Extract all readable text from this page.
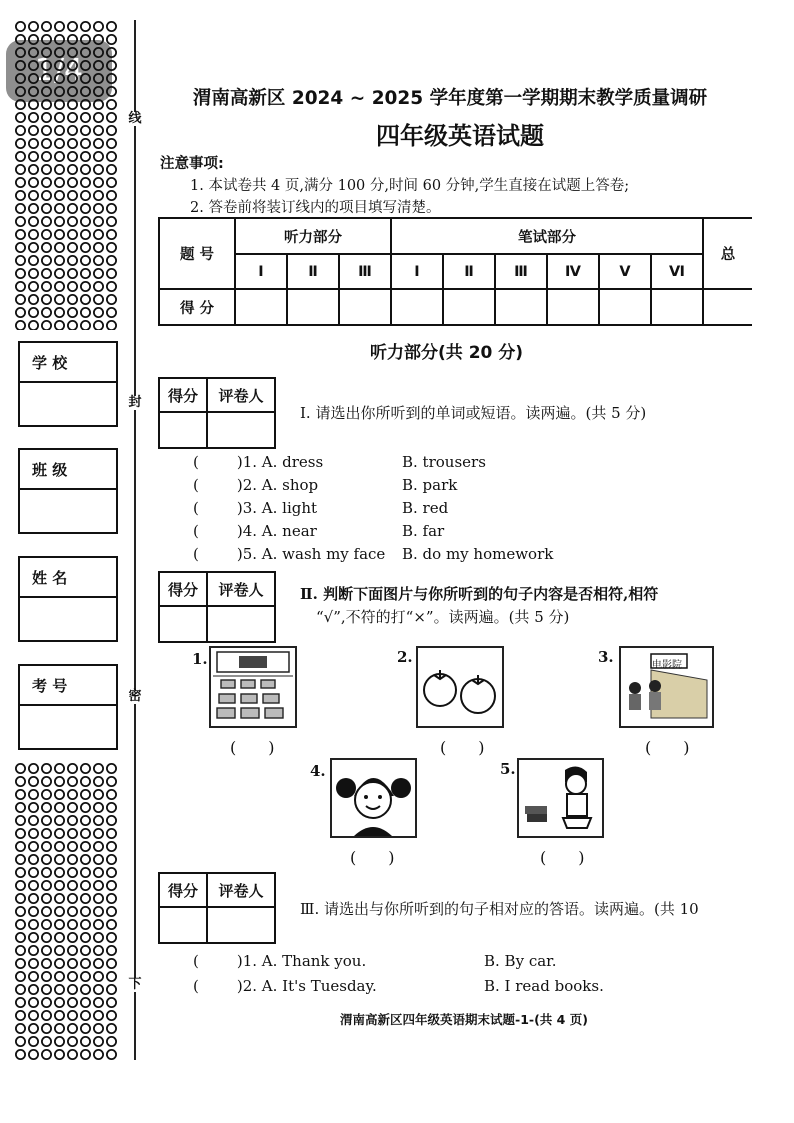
线
封
密
下
学 校
班 级
姓 名
考 号
渭南高新区 2024 ~ 2025 学年度第一学期期末教学质量调研
四年级英语试题
注意事项:
1. 本试卷共 4 页,满分 100 分,时间 60 分钟,学生直接在试题上答卷;
2. 答卷前将装订线内的项目填写清楚。
题 号	听力部分			笔试部分						总
	Ⅰ	Ⅱ	Ⅲ	Ⅰ	Ⅱ	Ⅲ	Ⅳ	Ⅴ	Ⅵ	
得 分										
听力部分(共 20 分)
得分	评卷人
Ⅰ. 请选出你所听到的单词或短语。读两遍。(共 5 分)
(	)1. A. dress	B. trousers
(	)2. A. shop	B. park
(	)3. A. light	B. red
(	)4. A. near	B. far
(	)5. A. wash my face B. do my homework
得分	评卷人	Ⅱ. 判断下面图片与你所听到的句子内容是否相符,相符
“√”,不符的打“×”。读两遍。(共 5 分)
1.
(　　)
2.
(　　)
3.	电影院
(　　)
4.
(　　)
5.
(　　)
得分	评卷人
Ⅲ. 请选出与你所听到的句子相对应的答语。读两遍。(共 10
(	)1. A. Thank you.	B. By car.
(	)2. A. It's Tuesday.	B. I read books.
渭南高新区四年级英语期末试题-1-(共 4 页)
